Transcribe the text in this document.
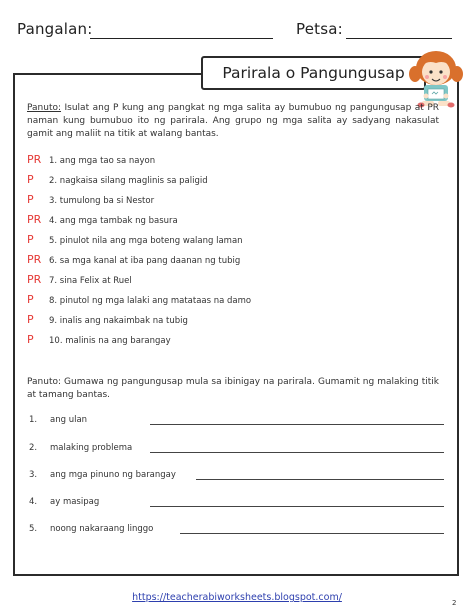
Pangalan:	Petsa:
Parirala o Pangungusap
Panuto: Isulat ang P kung ang pangkat ng mga salita ay bumubuo ng pangungusap at PR naman kung bumubuo ito ng parirala. Ang grupo ng mga salita ay sadyang nakasulat gamit ang maliit na titik at walang bantas.
PR 1. ang mga tao sa nayon
P	2. nagkaisa silang maglinis sa paligid
P	3. tumulong ba si Nestor
PR 4. ang mga tambak ng basura
P	5. pinulot nila ang mga boteng walang laman
PR 6. sa mga kanal at iba pang daanan ng tubig
PR 7. sina Felix at Ruel
P	8. pinutol ng mga lalaki ang matataas na damo
P	9. inalis ang nakaimbak na tubig
P	10. malinis na ang barangay
Panuto: Gumawa ng pangungusap mula sa ibinigay na parirala. Gumamit ng malaking titik at tamang bantas.
1. ang ulan
2. malaking problema
3. ang mga pinuno ng barangay
4. ay masipag
5. noong nakaraang linggo
https://teacherabiworksheets.blogspot.com/	2
